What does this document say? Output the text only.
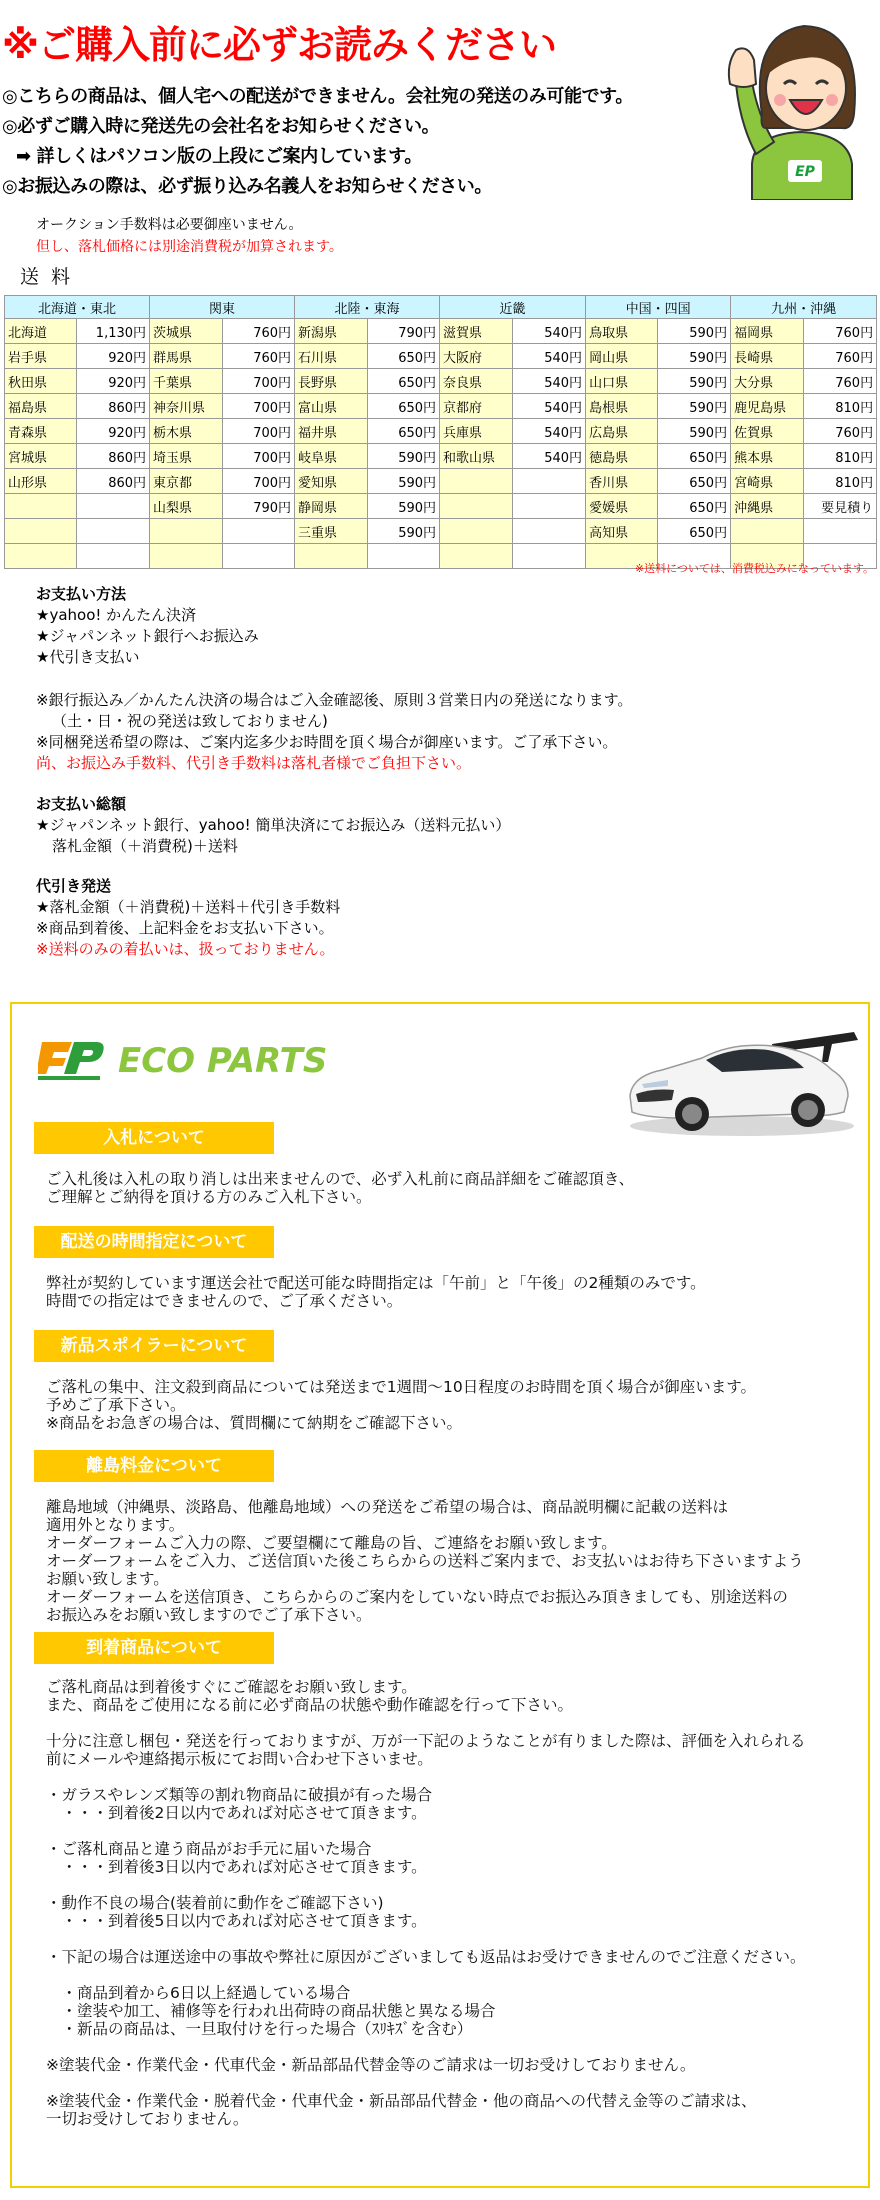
※ご購入前に必ずお読みください
◎こちらの商品は、個人宅への配送ができません。会社宛の発送のみ可能です。
◎必ずご購入時に発送先の会社名をお知らせください。
➡ 詳しくはパソコン版の上段にご案内しています。
◎お振込みの際は、必ず振り込み名義人をお知らせください。
EP
オークション手数料は必要御座いません。
但し、落札価格には別途消費税が加算されます。
送料
北海道・東北		関東		北陸・東海		近畿		中国・四国		九州・沖縄	
北海道	1,130円	茨城県	760円	新潟県	790円	滋賀県	540円	鳥取県	590円	福岡県	760円
岩手県	920円	群馬県	760円	石川県	650円	大阪府	540円	岡山県	590円	長崎県	760円
秋田県	920円	千葉県	700円	長野県	650円	奈良県	540円	山口県	590円	大分県	760円
福島県	860円	神奈川県	700円	富山県	650円	京都府	540円	島根県	590円	鹿児島県	810円
青森県	920円	栃木県	700円	福井県	650円	兵庫県	540円	広島県	590円	佐賀県	760円
宮城県	860円	埼玉県	700円	岐阜県	590円	和歌山県	540円	徳島県	650円	熊本県	810円
山形県	860円	東京都	700円	愛知県	590円			香川県	650円	宮崎県	810円
		山梨県	790円	静岡県	590円			愛媛県	650円	沖縄県	要見積り
				三重県	590円			高知県	650円		

※送料については、消費税込みになっています。
お支払い方法
★yahoo! かんたん決済
★ジャパンネット銀行へお振込み
★代引き支払い
※銀行振込み／かんたん決済の場合はご入金確認後、原則３営業日内の発送になります。
（土・日・祝の発送は致しておりません)
※同梱発送希望の際は、ご案内迄多少お時間を頂く場合が御座います。ご了承下さい。
尚、お振込み手数料、代引き手数料は落札者様でご負担下さい。
お支払い総額
★ジャパンネット銀行、yahoo! 簡単決済にてお振込み（送料元払い）
落札金額（＋消費税)＋送料
代引き発送
★落札金額（＋消費税)＋送料＋代引き手数料
※商品到着後、上記料金をお支払い下さい。
※送料のみの着払いは、扱っておりません。
ECO PARTS
入札について

ご入札後は入札の取り消しは出来ませんので、必ず入札前に商品詳細をご確認頂き、

ご理解とご納得を頂ける方のみご入札下さい。

配送の時間指定について

弊社が契約しています運送会社で配送可能な時間指定は「午前」と「午後」の2種類のみです。

時間での指定はできませんので、ご了承ください。

新品スポイラーについて

ご落札の集中、注文殺到商品については発送まで1週間～10日程度のお時間を頂く場合が御座います。

予めご了承下さい。

※商品をお急ぎの場合は、質問欄にて納期をご確認下さい。

離島料金について

離島地域（沖縄県、淡路島、他離島地域）への発送をご希望の場合は、商品説明欄に記載の送料は

適用外となります。

オーダーフォームご入力の際、ご要望欄にて離島の旨、ご連絡をお願い致します。

オーダーフォームをご入力、ご送信頂いた後こちらからの送料ご案内まで、お支払いはお待ち下さいますよう

お願い致します。

オーダーフォームを送信頂き、こちらからのご案内をしていない時点でお振込み頂きましても、別途送料の

お振込みをお願い致しますのでご了承下さい。

到着商品について

ご落札商品は到着後すぐにご確認をお願い致します。

また、商品をご使用になる前に必ず商品の状態や動作確認を行って下さい。

十分に注意し梱包・発送を行っておりますが、万が一下記のようなことが有りました際は、評価を入れられる

前にメールや連絡掲示板にてお問い合わせ下さいませ。

・ガラスやレンズ類等の割れ物商品に破損が有った場合

　・・・到着後2日以内であれば対応させて頂きます。

・ご落札商品と違う商品がお手元に届いた場合

　・・・到着後3日以内であれば対応させて頂きます。

・動作不良の場合(装着前に動作をご確認下さい)

　・・・到着後5日以内であれば対応させて頂きます。

・下記の場合は運送途中の事故や弊社に原因がございましても返品はお受けできませんのでご注意ください。

　・商品到着から6日以上経過している場合

　・塗装や加工、補修等を行われ出荷時の商品状態と異なる場合

　・新品の商品は、一旦取付けを行った場合（ｽﾘｷｽﾞを含む）

※塗装代金・作業代金・代車代金・新品部品代替金等のご請求は一切お受けしておりません。

※塗装代金・作業代金・脱着代金・代車代金・新品部品代替金・他の商品への代替え金等のご請求は、

一切お受けしておりません。
